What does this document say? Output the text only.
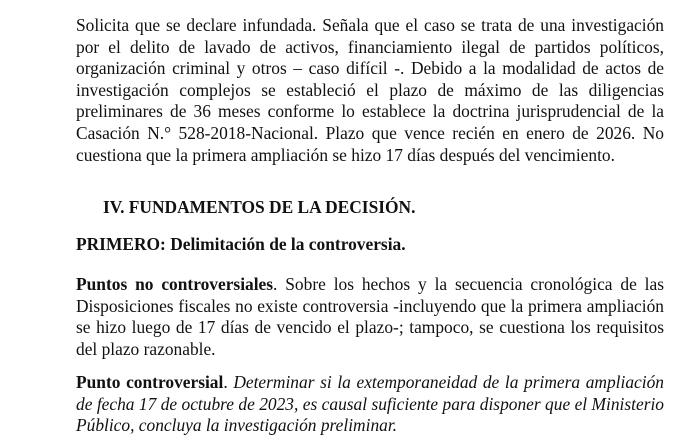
Solicita que se declare infundada. Señala que el caso se trata de una investigación por el delito de lavado de activos, financiamiento ilegal de partidos políticos, organización criminal y otros – caso difícil -. Debido a la modalidad de actos de investigación complejos se estableció el plazo de máximo de las diligencias preliminares de 36 meses conforme lo establece la doctrina jurisprudencial de la Casación N.° 528-2018-Nacional. Plazo que vence recién en enero de 2026. No cuestiona que la primera ampliación se hizo 17 días después del vencimiento.

IV. FUNDAMENTOS DE LA DECISIÓN.
PRIMERO: Delimitación de la controversia.

Puntos no controversiales. Sobre los hechos y la secuencia cronológica de las Disposiciones fiscales no existe controversia -incluyendo que la primera ampliación se hizo luego de 17 días de vencido el plazo-; tampoco, se cuestiona los requisitos del plazo razonable.

Punto controversial. Determinar si la extemporaneidad de la primera ampliación de fecha 17 de octubre de 2023, es causal suficiente para disponer que el Ministerio Público, concluya la investigación preliminar.
